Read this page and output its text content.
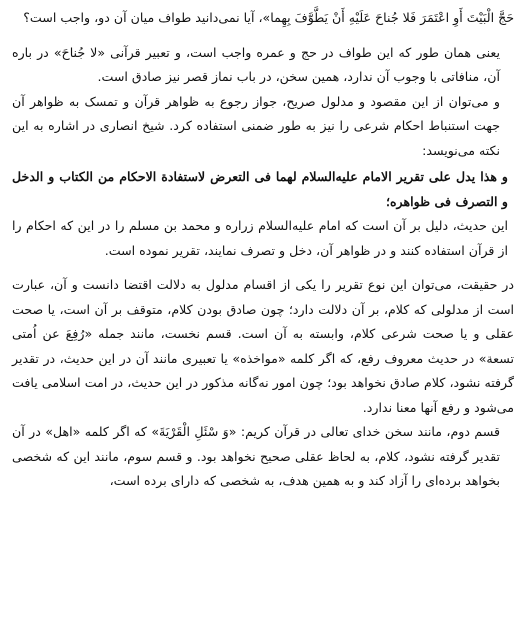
حَجَّ الْبَيْتَ أَوِ اعْتَمَرَ فَلا جُناحَ عَلَيْهِ أَنْ يَطَّوَّفَ بِهِما»، آيا نمی‌دانيد طواف ميان آن دو، واجب است؟

يعنی همان طور كه اين طواف در حج و عمره واجب است، و تعبير قرآنی «لا جُناحَ» در باره آن، منافاتی با وجوب آن ندارد، همين سخن، در باب نماز قصر نيز صادق است.

و می‌توان از اين مقصود و مدلول صريح، جواز رجوع به ظواهر قرآن و تمسک به ظواهر آن جهت استنباط احكام شرعی را نيز به طور ضمنی استفاده كرد. شيخ انصاری در اشاره به اين نكته می‌نويسد:

و هذا يدل على تقرير الامام عليه‌السلام لهما فی التعرض لاستفادة الاحكام من الكتاب و الدخل و التصرف فی ظواهره؛

اين حديث، دليل بر آن است كه امام عليه‌السلام زراره و محمد بن مسلم را در اين كه احكام را از قرآن استفاده كنند و در ظواهر آن، دخل و تصرف نمايند، تقرير نموده است.

در حقيقت، می‌توان اين نوع تقرير را يكی از اقسام مدلول به دلالت اقتضا دانست و آن، عبارت است از مدلولی كه كلام، بر آن دلالت دارد؛ چون صادق بودن كلام، متوقف بر آن است، يا صحت عقلی و يا صحت شرعی كلام، وابسته به آن است. قسم نخست، مانند جمله «رُفِعَ عن اُمتی تسعة» در حديث معروف رفع، كه اگر كلمه «مواخذه» يا تعبيری مانند آن در اين حديث، در تقدير گرفته نشود، كلام صادق نخواهد بود؛ چون امور نه‌گانه مذكور در اين حديث، در امت اسلامی يافت می‌شود و رفع آنها معنا ندارد.

قسم دوم، مانند سخن خدای تعالی در قرآن كريم: «وَ سْئَلِ الْقَرْيَةَ» كه اگر كلمه «اهل» در آن تقدير گرفته نشود، كلام، به لحاظ عقلی صحيح نخواهد بود. و قسم سوم، مانند اين كه شخصی بخواهد برده‌ای را آزاد كند و به همين هدف، به شخصی كه دارای برده است،
